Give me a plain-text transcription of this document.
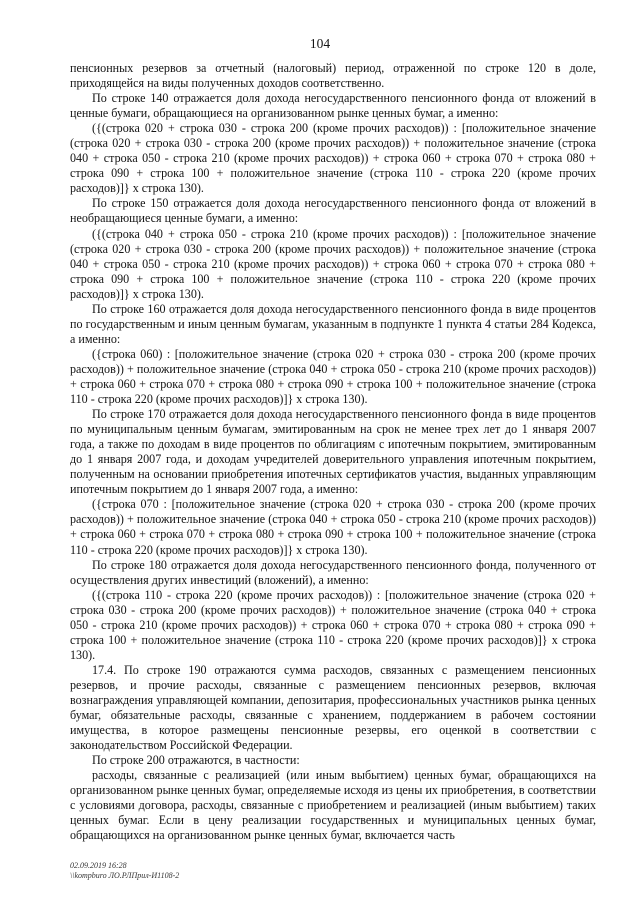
104

пенсионных резервов за отчетный (налоговый) период, отраженной по строке 120 в доле, приходящейся на виды полученных доходов соответственно.

По строке 140 отражается доля дохода негосударственного пенсионного фонда от вложений в ценные бумаги, обращающиеся на организованном рынке ценных бумаг, а именно:

({(строка 020 + строка 030 - строка 200 (кроме прочих расходов)) : [положительное значение (строка 020 + строка 030 - строка 200 (кроме прочих расходов)) + положительное значение (строка 040 + строка 050 - строка 210 (кроме прочих расходов)) + строка 060 + строка 070 + строка 080 + строка 090 + строка 100 + положительное значение (строка 110 - строка 220 (кроме прочих расходов)]} х строка 130).

По строке 150 отражается доля дохода негосударственного пенсионного фонда от вложений в необращающиеся ценные бумаги, а именно:

({(строка 040 + строка 050 - строка 210 (кроме прочих расходов)) : [положительное значение (строка 020 + строка 030 - строка 200 (кроме прочих расходов)) + положительное значение (строка 040 + строка 050 - строка 210 (кроме прочих расходов)) + строка 060 + строка 070 + строка 080 + строка 090 + строка 100 + положительное значение (строка 110 - строка 220 (кроме прочих расходов)]} х строка 130).

По строке 160 отражается доля дохода негосударственного пенсионного фонда в виде процентов по государственным и иным ценным бумагам, указанным в подпункте 1 пункта 4 статьи 284 Кодекса, а именно:

({строка 060) : [положительное значение (строка 020 + строка 030 - строка 200 (кроме прочих расходов)) + положительное значение (строка 040 + строка 050 - строка 210 (кроме прочих расходов)) + строка 060 + строка 070 + строка 080 + строка 090 + строка 100 + положительное значение (строка 110 - строка 220 (кроме прочих расходов)]} х строка 130).

По строке 170 отражается доля дохода негосударственного пенсионного фонда в виде процентов по муниципальным ценным бумагам, эмитированным на срок не менее трех лет до 1 января 2007 года, а также по доходам в виде процентов по облигациям с ипотечным покрытием, эмитированным до 1 января 2007 года, и доходам учредителей доверительного управления ипотечным покрытием, полученным на основании приобретения ипотечных сертификатов участия, выданных управляющим ипотечным покрытием до 1 января 2007 года, а именно:

({строка 070 : [положительное значение (строка 020 + строка 030 - строка 200 (кроме прочих расходов)) + положительное значение (строка 040 + строка 050 - строка 210 (кроме прочих расходов)) + строка 060 + строка 070 + строка 080 + строка 090 + строка 100 + положительное значение (строка 110 - строка 220 (кроме прочих расходов)]} х строка 130).

По строке 180 отражается доля дохода негосударственного пенсионного фонда, полученного от осуществления других инвестиций (вложений), а именно:

({(строка 110 - строка 220 (кроме прочих расходов)) : [положительное значение (строка 020 + строка 030 - строка 200 (кроме прочих расходов)) + положительное значение (строка 040 + строка 050 - строка 210 (кроме прочих расходов)) + строка 060 + строка 070 + строка 080 + строка 090 + строка 100 + положительное значение (строка 110 - строка 220 (кроме прочих расходов)]} х строка 130).

17.4. По строке 190 отражаются сумма расходов, связанных с размещением пенсионных резервов, и прочие расходы, связанные с размещением пенсионных резервов, включая вознаграждения управляющей компании, депозитария, профессиональных участников рынка ценных бумаг, обязательные расходы, связанные с хранением, поддержанием в рабочем состоянии имущества, в которое размещены пенсионные резервы, его оценкой в соответствии с законодательством Российской Федерации.

По строке 200 отражаются, в частности:

расходы, связанные с реализацией (или иным выбытием) ценных бумаг, обращающихся на организованном рынке ценных бумаг, определяемые исходя из цены их приобретения, в соответствии с условиями договора, расходы, связанные с приобретением и реализацией (иным выбытием) таких ценных бумаг. Если в цену реализации государственных и муниципальных ценных бумаг, обращающихся на организованном рынке ценных бумаг, включается часть

02.09.2019 16:28
\\kompburo ЛО.РЛПрил-И1108-2
